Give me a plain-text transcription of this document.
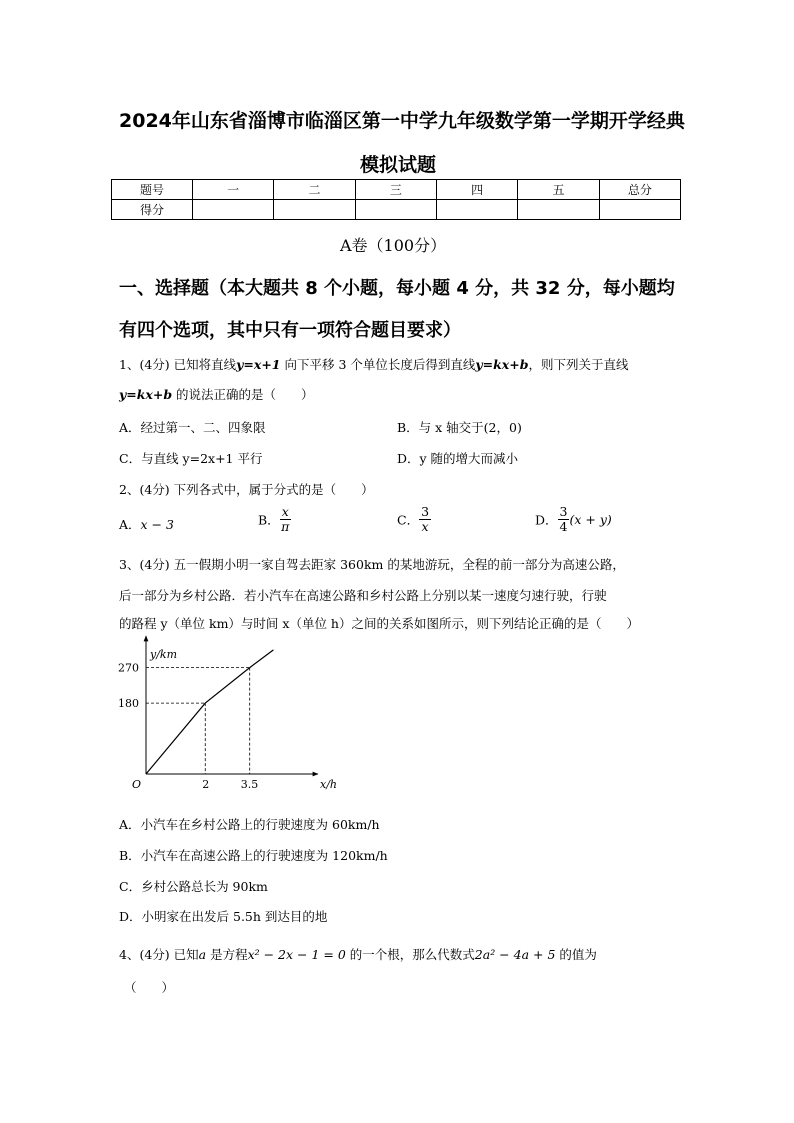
2024年山东省淄博市临淄区第一中学九年级数学第一学期开学经典
模拟试题
题号	一	二	三	四	五	总分
得分						
A卷（100分）
一、选择题（本大题共 8 个小题，每小题 4 分，共 32 分，每小题均
有四个选项，其中只有一项符合题目要求）
1、(4分) 已知将直线y=x+1 向下平移 3 个单位长度后得到直线y=kx+b，则下列关于直线
y=kx+b 的说法正确的是（　　）
A．经过第一、二、四象限	B．与 x 轴交于(2，0)
C．与直线 y=2x+1 平行	D．y 随的增大而减小
2、(4分) 下列各式中，属于分式的是（　　）
A．x − 3	B． $\frac{x}{\pi}$	C． $\frac{3}{x}$	D． $\frac{3}{4} (x + y)$
3、(4分) 五一假期小明一家自驾去距家 360km 的某地游玩，全程的前一部分为高速公路，
后一部分为乡村公路．若小汽车在高速公路和乡村公路上分别以某一速度匀速行驶，行驶
的路程 y（单位 km）与时间 x（单位 h）之间的关系如图所示，则下列结论正确的是（　　）
y/km
x/h
O	2
180
3.5
270
A．小汽车在乡村公路上的行驶速度为 60km/h
B．小汽车在高速公路上的行驶速度为 120km/h
C．乡村公路总长为 90km
D．小明家在出发后 5.5h 到达目的地
4、(4分) 已知a 是方程x² − 2x − 1 = 0 的一个根，那么代数式2a² − 4a + 5 的值为
（　　）
